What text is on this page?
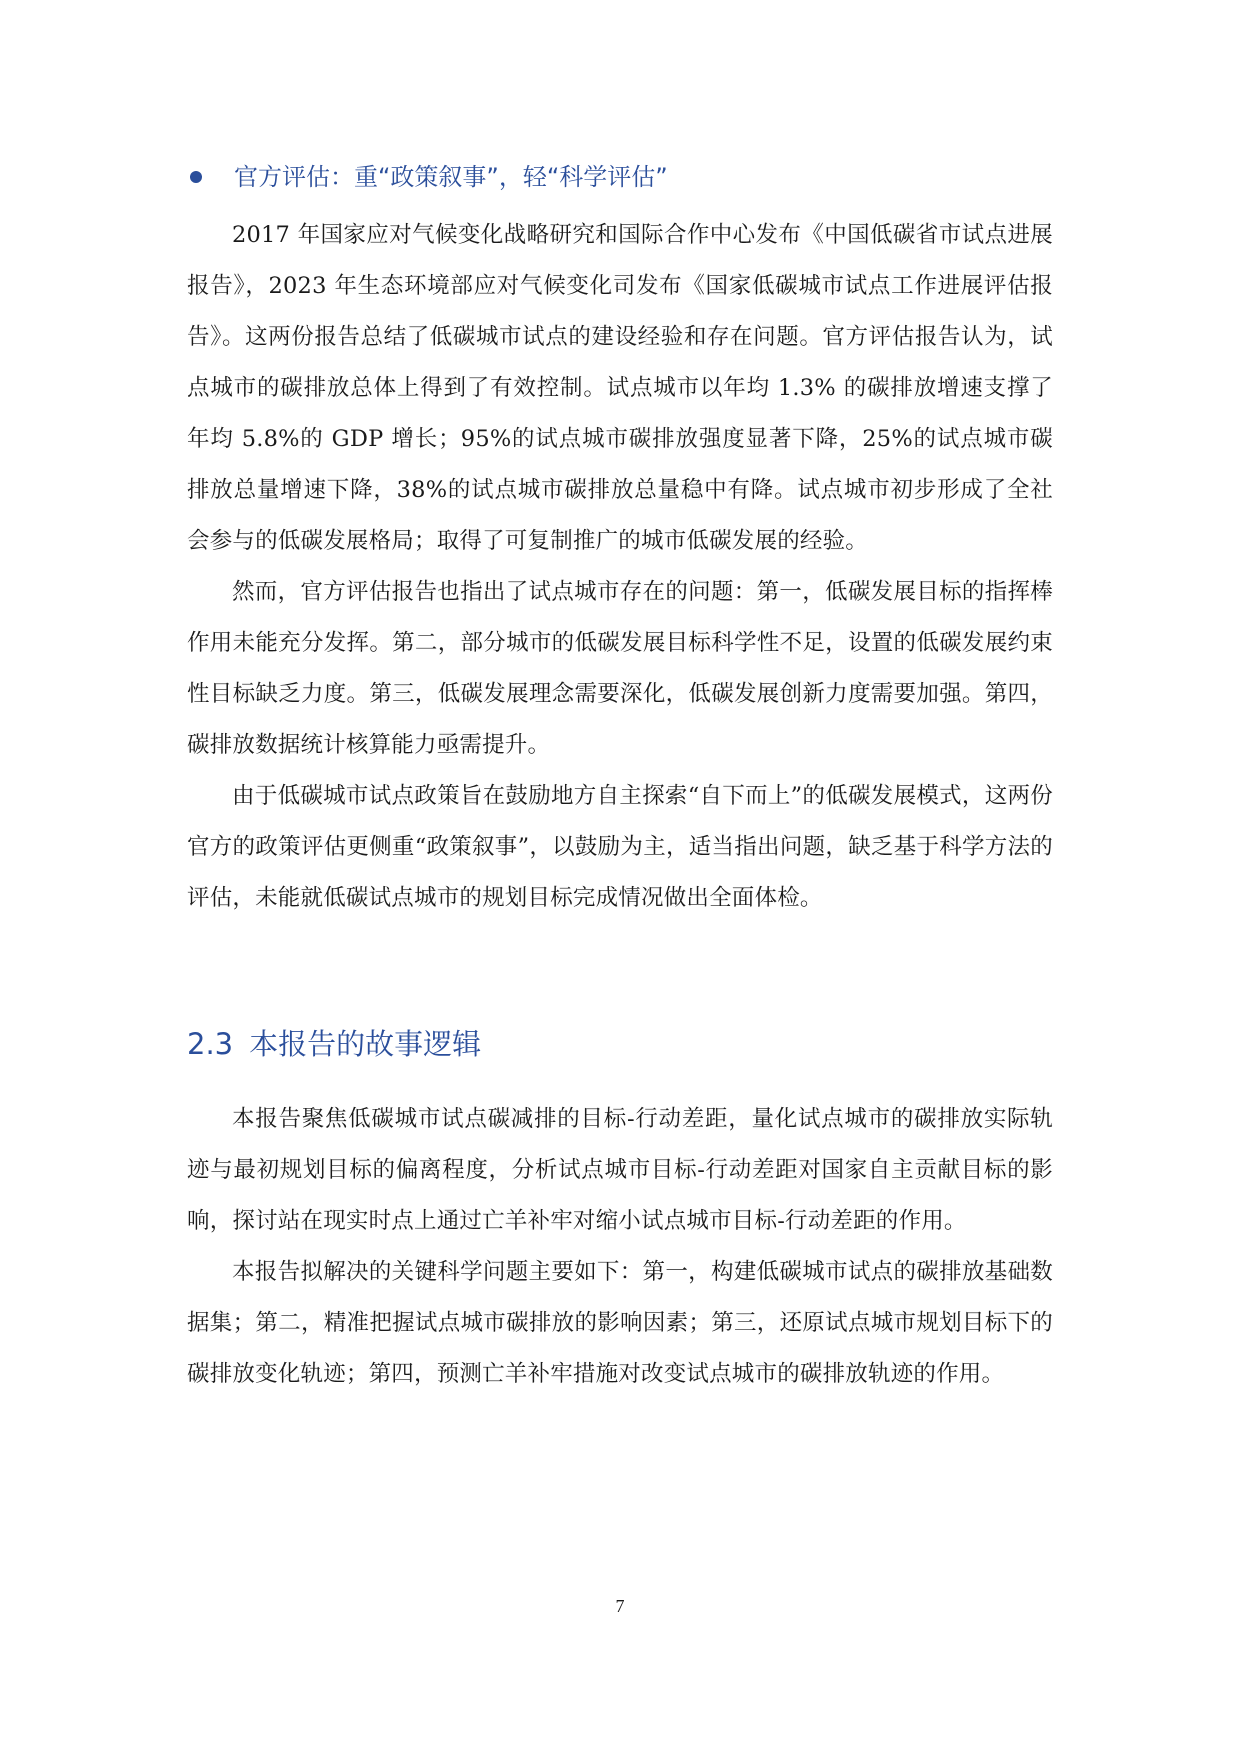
官方评估：重“政策叙事”，轻“科学评估”

2017 年国家应对气候变化战略研究和国际合作中心发布《中国低碳省市试点进展报告》，2023 年生态环境部应对气候变化司发布《国家低碳城市试点工作进展评估报告》。这两份报告总结了低碳城市试点的建设经验和存在问题。官方评估报告认为，试点城市的碳排放总体上得到了有效控制。试点城市以年均 1.3% 的碳排放增速支撑了年均 5.8%的 GDP 增长；95%的试点城市碳排放强度显著下降，25%的试点城市碳排放总量增速下降，38%的试点城市碳排放总量稳中有降。试点城市初步形成了全社会参与的低碳发展格局；取得了可复制推广的城市低碳发展的经验。

然而，官方评估报告也指出了试点城市存在的问题：第一，低碳发展目标的指挥棒作用未能充分发挥。第二，部分城市的低碳发展目标科学性不足，设置的低碳发展约束性目标缺乏力度。第三，低碳发展理念需要深化，低碳发展创新力度需要加强。第四，碳排放数据统计核算能力亟需提升。

由于低碳城市试点政策旨在鼓励地方自主探索“自下而上”的低碳发展模式，这两份官方的政策评估更侧重“政策叙事”，以鼓励为主，适当指出问题，缺乏基于科学方法的评估，未能就低碳试点城市的规划目标完成情况做出全面体检。

2.3 本报告的故事逻辑

本报告聚焦低碳城市试点碳减排的目标-行动差距，量化试点城市的碳排放实际轨迹与最初规划目标的偏离程度，分析试点城市目标-行动差距对国家自主贡献目标的影响，探讨站在现实时点上通过亡羊补牢对缩小试点城市目标-行动差距的作用。

本报告拟解决的关键科学问题主要如下：第一，构建低碳城市试点的碳排放基础数据集；第二，精准把握试点城市碳排放的影响因素；第三，还原试点城市规划目标下的碳排放变化轨迹；第四，预测亡羊补牢措施对改变试点城市的碳排放轨迹的作用。

7
